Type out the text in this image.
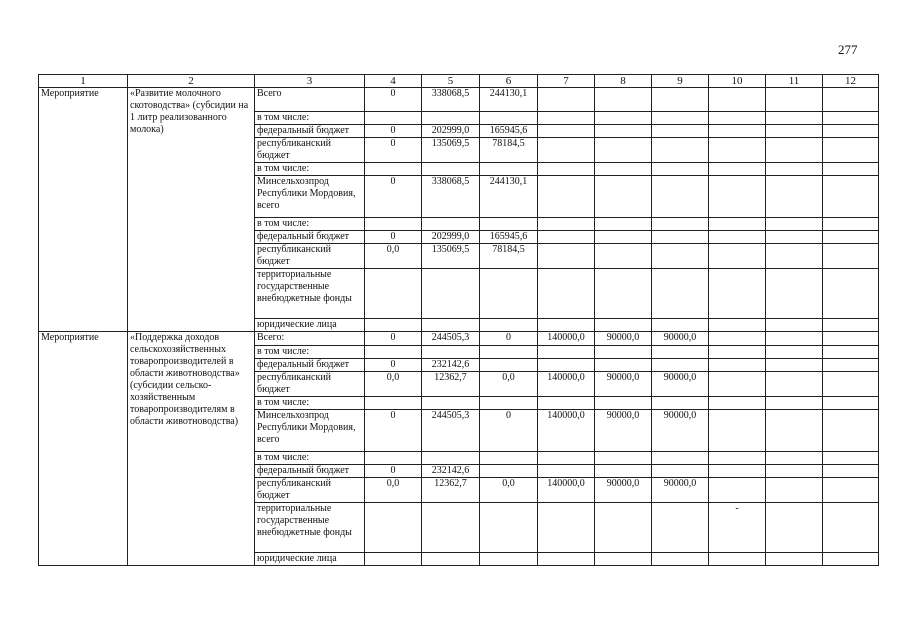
277
1	2	3	4	5	6	7	8	9	10	11	12
Мероприятие	«Развитие молочного скотоводства» (субсидии на 1 литр реализованного молока)	Всего	0	338068,5	244130,1						
		в том числе:									
		федеральный бюджет	0	202999,0	165945,6						
		республиканский бюджет	0	135069,5	78184,5						
		в том числе:									
		Минсельхозпрод Республики Мордовия, всего	0	338068,5	244130,1						
		в том числе:									
		федеральный бюджет	0	202999,0	165945,6						
		республиканский бюджет	0,0	135069,5	78184,5						
		территориальные государственные внебюджетные фонды									
		юридические лица									
Мероприятие	«Поддержка доходов сельскохозяйственных товаропроизводителей в области животноводства» (субсидии сельско-хозяйственным товаропроизводителям в области животноводства)	Всего:	0	244505,3	0	140000,0	90000,0	90000,0			
		в том числе:									
		федеральный бюджет	0	232142,6							
		республиканский бюджет	0,0	12362,7	0,0	140000,0	90000,0	90000,0			
		в том числе:									
		Минсельхозпрод Республики Мордовия, всего	0	244505,3	0	140000,0	90000,0	90000,0			
		в том числе:									
		федеральный бюджет	0	232142,6							
		республиканский бюджет	0,0	12362,7	0,0	140000,0	90000,0	90000,0			
		территориальные государственные внебюджетные фонды							-		
		юридические лица									
